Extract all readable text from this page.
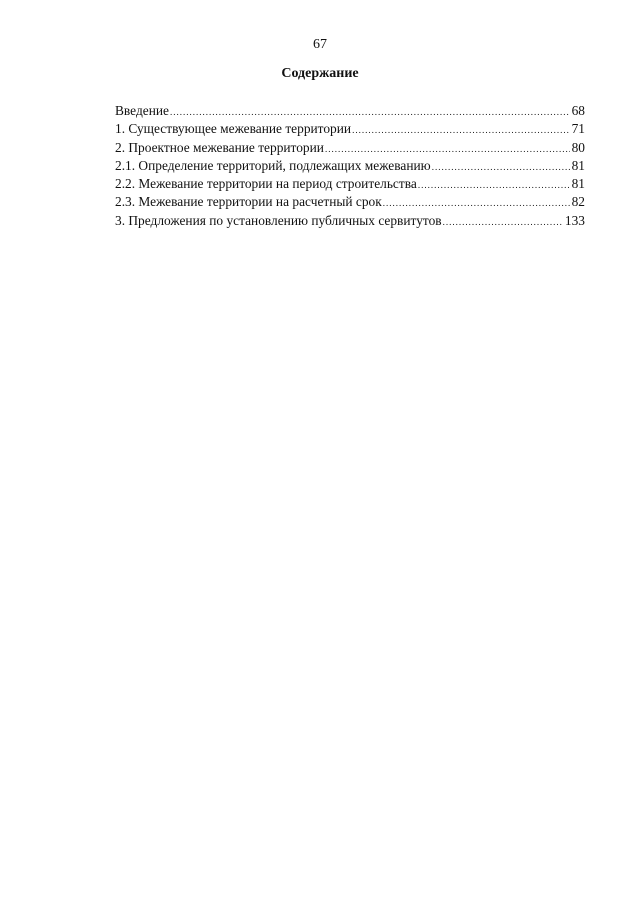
67
Содержание
Введение .....	68
1. Существующее межевание территории .....	71
2. Проектное межевание территории .....	80
2.1. Определение территорий, подлежащих межеванию .....	81
2.2. Межевание территории на период строительства .....	81
2.3. Межевание территории на расчетный срок .....	82
3. Предложения по установлению публичных сервитутов .....	133
